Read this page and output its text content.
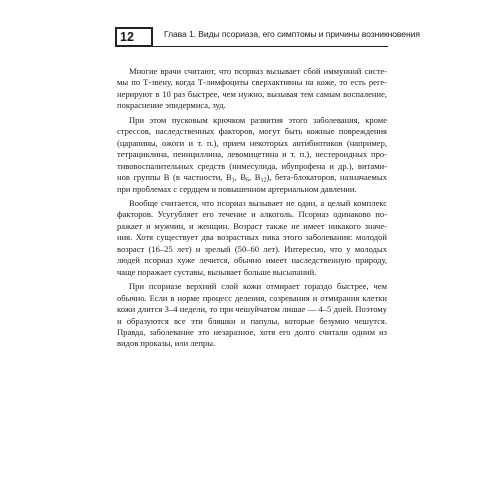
12	Глава 1. Виды псориаза, его симптомы и причины возникновения
Многие врачи считают, что псориаз вызывает сбой иммунной систе-
мы по Т-звену, когда Т-лимфоциты сверхактивны на коже, то есть реге-
нерируют в 10 раз быстрее, чем нужно, вызывая тем самым воспаление,
покраснение эпидермиса, зуд.
При этом пусковым крючком развития этого заболевания, кроме
стрессов, наследственных факторов, могут быть кожные повреждения
(царапины, ожоги и т. п.), прием некоторых антибиотиков (например,
тетрациклина, пенициллина, левомицетина и т. п.), нестероидных про-
тивовоспалительных средств (нимесулида, ибупрофена и др.), витами-
нов группы В (в частности, $В_1$, $В_6$, $В_{12}$), бета-блокаторов, назначаемых
при проблемах с сердцем и повышенном артериальном давлении.
Вообще считается, что псориаз вызывает не один, а целый комплекс
факторов. Усугубляет его течение и алкоголь. Псориаз одинаково по-
ражает и мужчин, и женщин. Возраст также не имеет никакого значе-
ния. Хотя существует два возрастных пика этого заболевания: молодой
возраст (16–25 лет) и зрелый (50–60 лет). Интересно, что у молодых
людей псориаз хуже лечится, обычно имеет наследственную природу,
чаще поражает суставы, вызывает больше высыпаний.
При псориазе верхний слой кожи отмирает гораздо быстрее, чем
обычно. Если в норме процесс деления, созревания и отмирания клетки
кожи длится 3–4 недели, то при чешуйчатом лишае — 4–5 дней. Поэтому
и образуются все эти бляшки и папулы, которые безумно чешутся.
Правда, заболевание это незаразное, хотя его долго считали одним из
видов проказы, или лепры.
